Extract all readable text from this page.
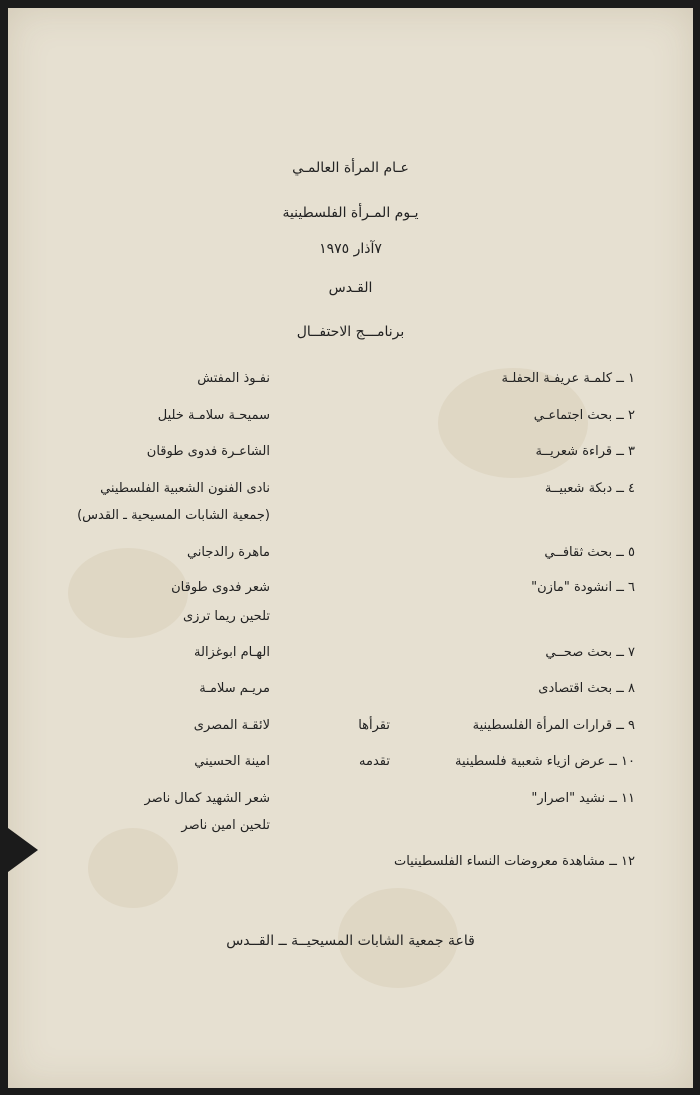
عـام المرأة العالمـي

يـوم المـرأة الفلسطينية

٧آذار ١٩٧٥

القـدس

برنامـــج الاحتفــال

١ ــ كلمـة عريفـة الحفلـة
نفـوذ المفتش
٢ ــ بحث اجتماعـي
سميحـة سلامـة خليل
٣ ــ قراءة شعريــة
الشاعـرة فدوى طوقان
٤ ــ دبكة شعبيــة
نادى الفنون الشعبية الفلسطيني
(جمعية الشابات المسيحية ـ القدس)
٥ ــ بحث ثقافــي
ماهرة رالدجاني
٦ ــ انشودة "مازن"
شعر فدوى طوقان
تلحين ريما ترزى
٧ ــ بحث صحــي
الهـام ابوغزالة
٨ ــ بحث اقتصادى
مريـم سلامـة
٩ ــ قرارات المرأة الفلسطينية
تقرأها
لائقـة المصرى
١٠ ــ عرض ازياء شعبية فلسطينية
تقدمه
امينة الحسيني
١١ ــ نشيد "اصرار"
شعر الشهيد كمال ناصر
تلحين امين ناصر
١٢ ــ مشاهدة معروضات النساء الفلسطينيات
قاعة جمعية الشابات المسيحيــة ــ القــدس
